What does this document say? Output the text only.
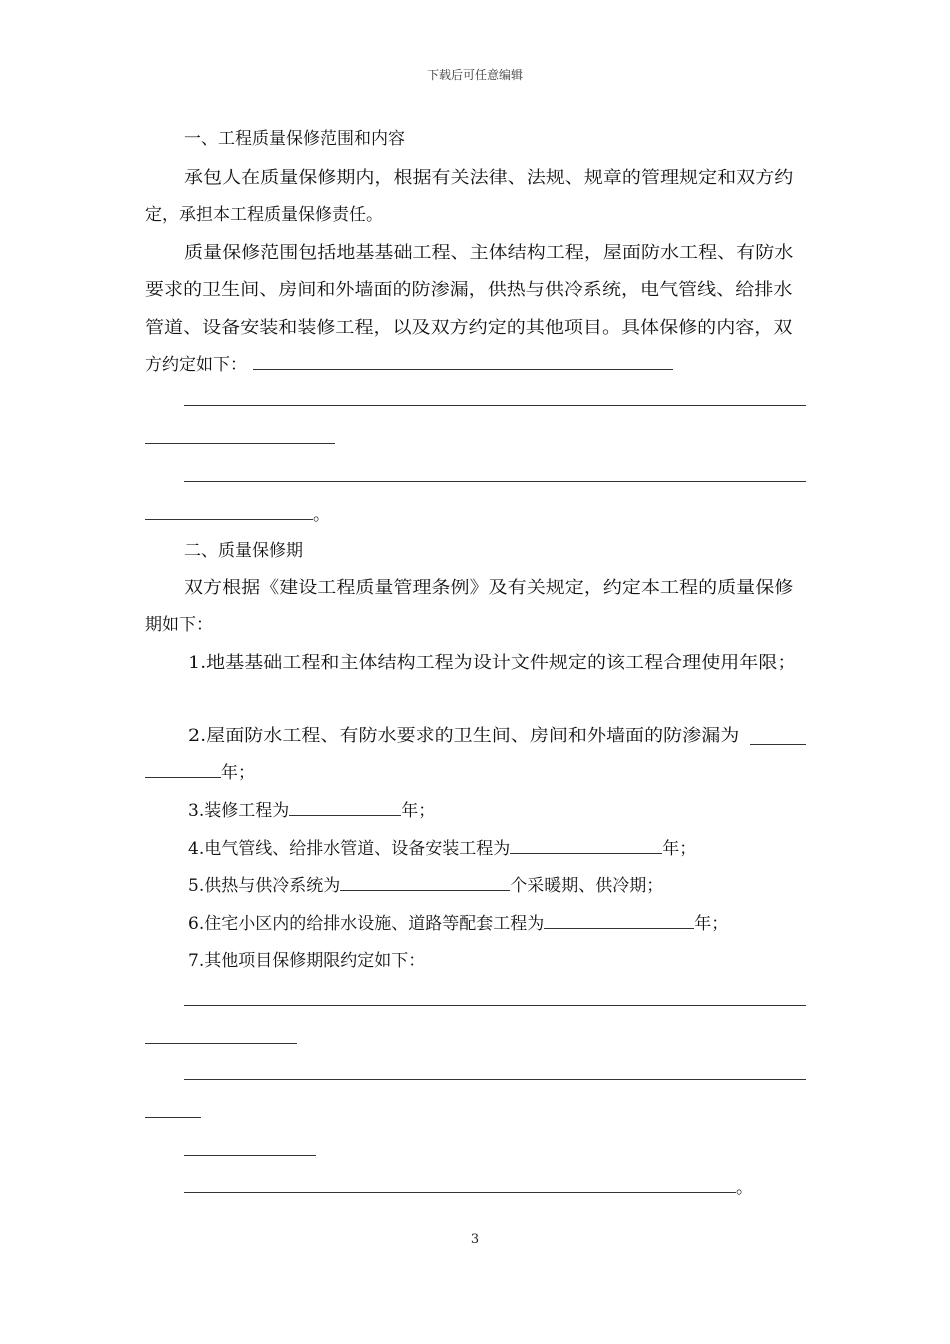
下载后可任意编辑
一、工程质量保修范围和内容
承包人在质量保修期内，根据有关法律、法规、规章的管理规定和双方约
定，承担本工程质量保修责任。
质量保修范围包括地基基础工程、主体结构工程，屋面防水工程、有防水
要求的卫生间、房间和外墙面的防渗漏，供热与供冷系统，电气管线、给排水
管道、设备安装和装修工程，以及双方约定的其他项目。具体保修的内容，双
方约定如下：
。
二、质量保修期
双方根据《建设工程质量管理条例》及有关规定，约定本工程的质量保修
期如下：
1.地基基础工程和主体结构工程为设计文件规定的该工程合理使用年限；
2.屋面防水工程、有防水要求的卫生间、房间和外墙面的防渗漏为
年；
3.装修工程为	年；
4.电气管线、给排水管道、设备安装工程为	年；
5.供热与供冷系统为	个采暖期、供冷期；
6.住宅小区内的给排水设施、道路等配套工程为	年；
7.其他项目保修期限约定如下：
。
3
